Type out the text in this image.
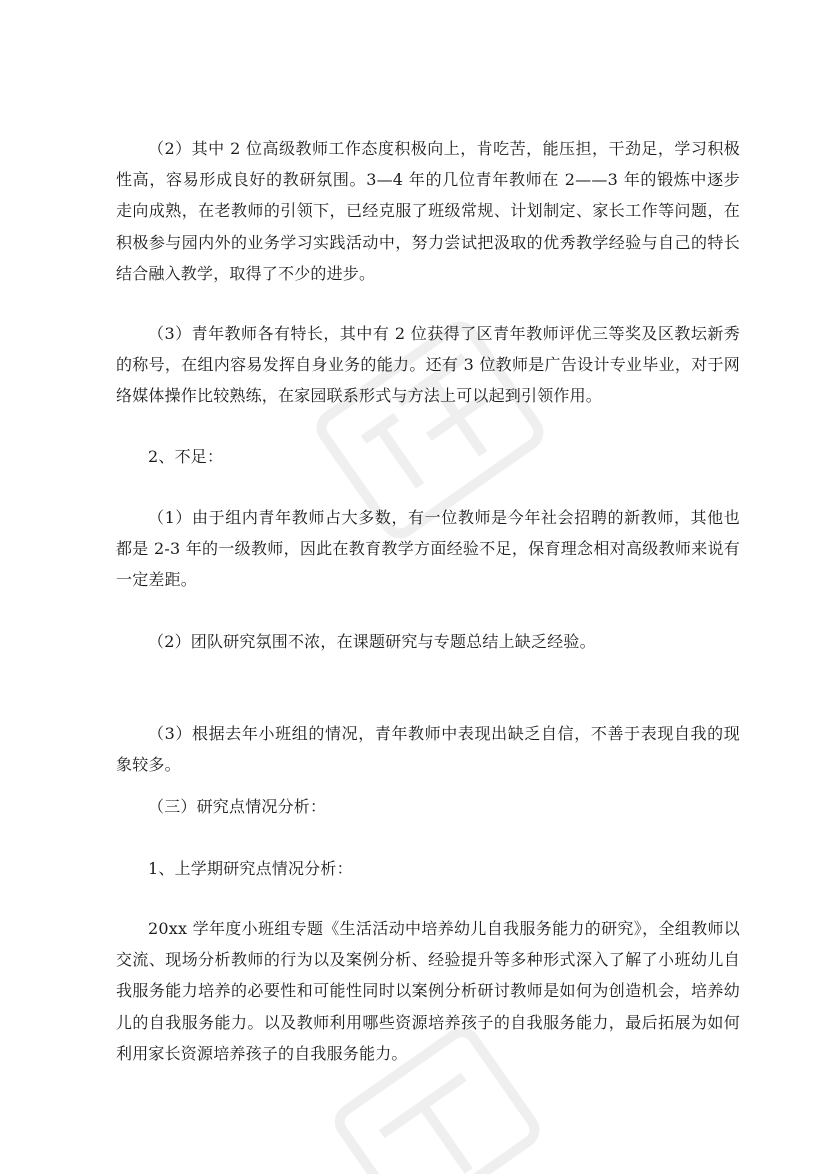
（2）其中 2 位高级教师工作态度积极向上，肯吃苦，能压担，干劲足，学习积极性高，容易形成良好的教研氛围。3—4 年的几位青年教师在 2——3 年的锻炼中逐步走向成熟，在老教师的引领下，已经克服了班级常规、计划制定、家长工作等问题，在积极参与园内外的业务学习实践活动中，努力尝试把汲取的优秀教学经验与自己的特长结合融入教学，取得了不少的进步。

（3）青年教师各有特长，其中有 2 位获得了区青年教师评优三等奖及区教坛新秀的称号，在组内容易发挥自身业务的能力。还有 3 位教师是广告设计专业毕业，对于网络媒体操作比较熟练，在家园联系形式与方法上可以起到引领作用。

2、不足：

（1）由于组内青年教师占大多数，有一位教师是今年社会招聘的新教师，其他也都是 2-3 年的一级教师，因此在教育教学方面经验不足，保育理念相对高级教师来说有一定差距。

（2）团队研究氛围不浓，在课题研究与专题总结上缺乏经验。

（3）根据去年小班组的情况，青年教师中表现出缺乏自信，不善于表现自我的现象较多。

（三）研究点情况分析：

1、上学期研究点情况分析：

20xx 学年度小班组专题《生活活动中培养幼儿自我服务能力的研究》，全组教师以交流、现场分析教师的行为以及案例分析、经验提升等多种形式深入了解了小班幼儿自我服务能力培养的必要性和可能性同时以案例分析研讨教师是如何为创造机会，培养幼儿的自我服务能力。以及教师利用哪些资源培养孩子的自我服务能力，最后拓展为如何利用家长资源培养孩子的自我服务能力。
